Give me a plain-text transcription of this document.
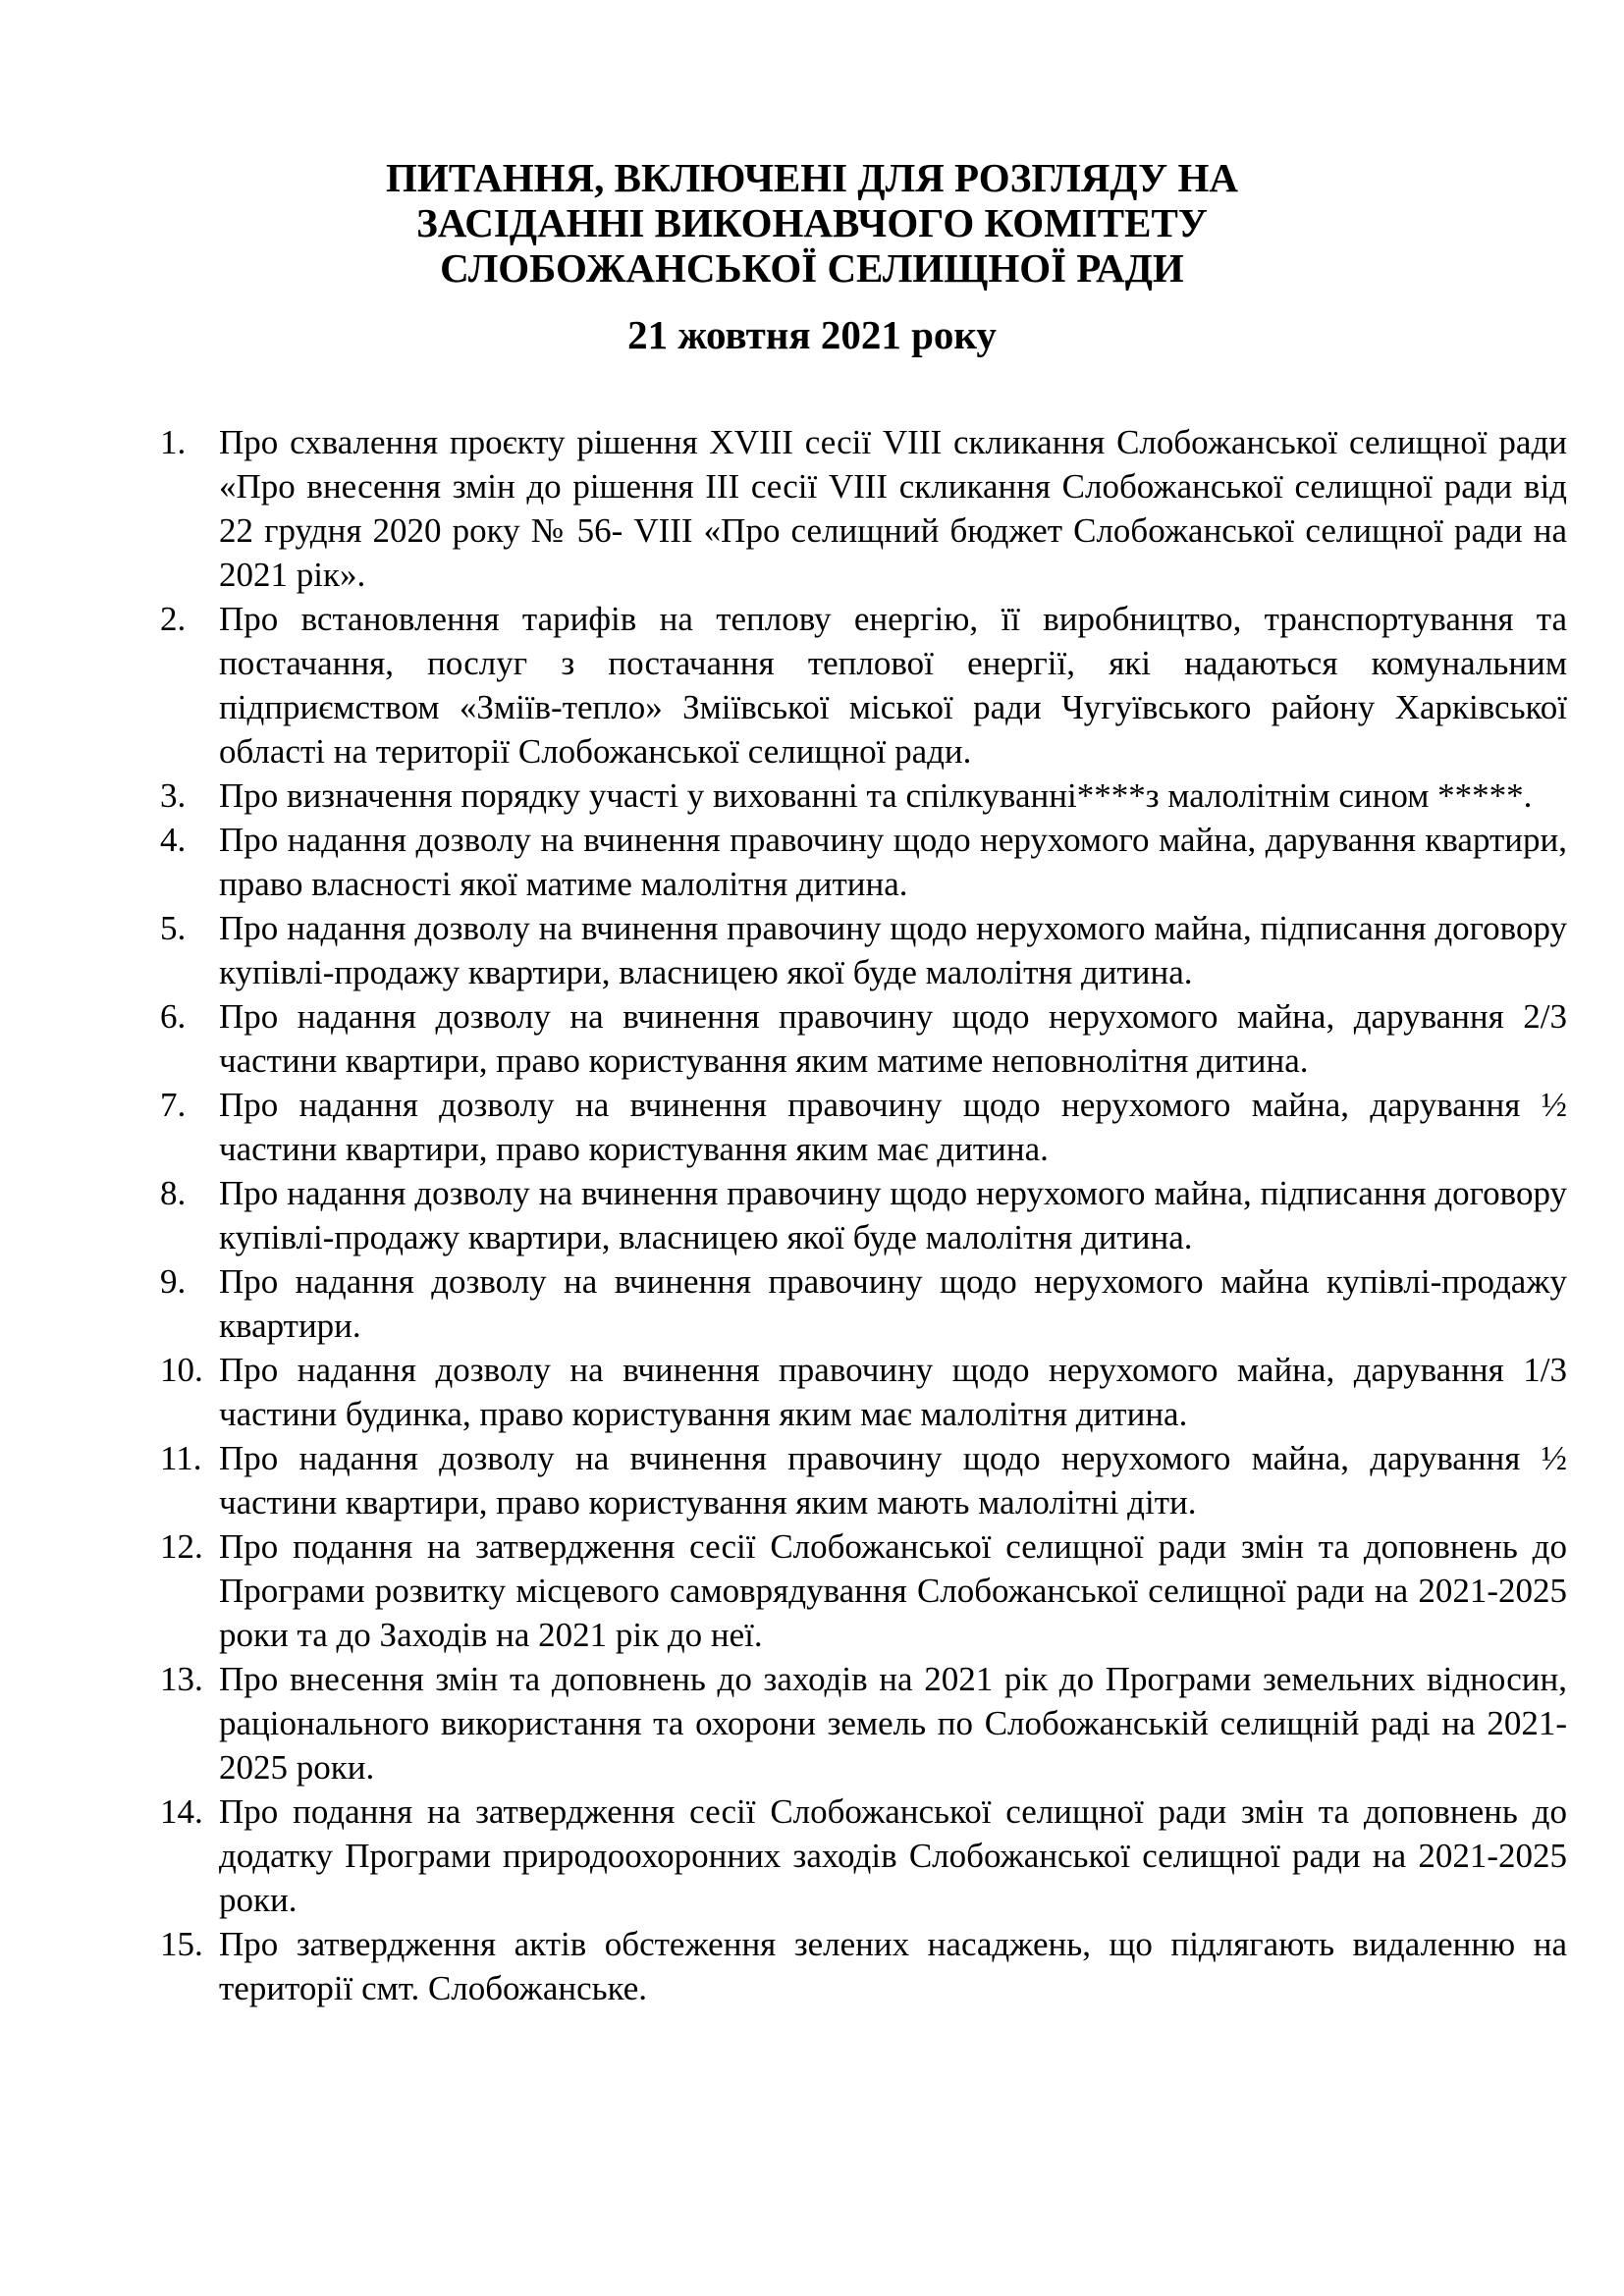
ПИТАННЯ, ВКЛЮЧЕНІ ДЛЯ РОЗГЛЯДУ НА
ЗАСІДАННІ ВИКОНАВЧОГО КОМІТЕТУ
СЛОБОЖАНСЬКОЇ СЕЛИЩНОЇ РАДИ
21 жовтня 2021 року
1. Про схвалення проєкту рішення XVIII сесії VIII скликання Слобожанської селищної ради «Про внесення змін до рішення ІІІ сесії VIII скликання Слобожанської селищної ради від 22 грудня 2020 року № 56- VIII «Про селищний бюджет Слобожанської селищної ради на 2021 рік».
2. Про встановлення тарифів на теплову енергію, її виробництво, транспортування та постачання, послуг з постачання теплової енергії, які надаються комунальним підприємством «Зміїв-тепло» Зміївської міської ради Чугуївського району Харківської області на території Слобожанської селищної ради.
3. Про визначення порядку участі у вихованні та спілкуванні****з малолітнім сином *****.
4. Про надання дозволу на вчинення правочину щодо нерухомого майна, дарування квартири, право власності якої матиме малолітня дитина.
5. Про надання дозволу на вчинення правочину щодо нерухомого майна, підписання договору купівлі-продажу квартири, власницею якої буде малолітня дитина.
6. Про надання дозволу на вчинення правочину щодо нерухомого майна, дарування 2/3 частини квартири, право користування яким матиме неповнолітня дитина.
7. Про надання дозволу на вчинення правочину щодо нерухомого майна, дарування ½ частини квартири, право користування яким має дитина.
8. Про надання дозволу на вчинення правочину щодо нерухомого майна, підписання договору купівлі-продажу квартири, власницею якої буде малолітня дитина.
9. Про надання дозволу на вчинення правочину щодо нерухомого майна купівлі-продажу квартири.
10. Про надання дозволу на вчинення правочину щодо нерухомого майна, дарування 1/3 частини будинка, право користування яким має малолітня дитина.
11. Про надання дозволу на вчинення правочину щодо нерухомого майна, дарування ½ частини квартири, право користування яким мають малолітні діти.
12. Про подання на затвердження сесії Слобожанської селищної ради змін та доповнень до Програми розвитку місцевого самоврядування Слобожанської селищної ради на 2021-2025 роки та до Заходів на 2021 рік до неї.
13. Про внесення змін та доповнень до заходів на 2021 рік до Програми земельних відносин, раціонального використання та охорони земель по Слобожанській селищній раді на 2021-2025 роки.
14. Про подання на затвердження сесії Слобожанської селищної ради змін та доповнень до додатку Програми природоохоронних заходів Слобожанської селищної ради на 2021-2025 роки.
15. Про затвердження актів обстеження зелених насаджень, що підлягають видаленню на території смт. Слобожанське.
